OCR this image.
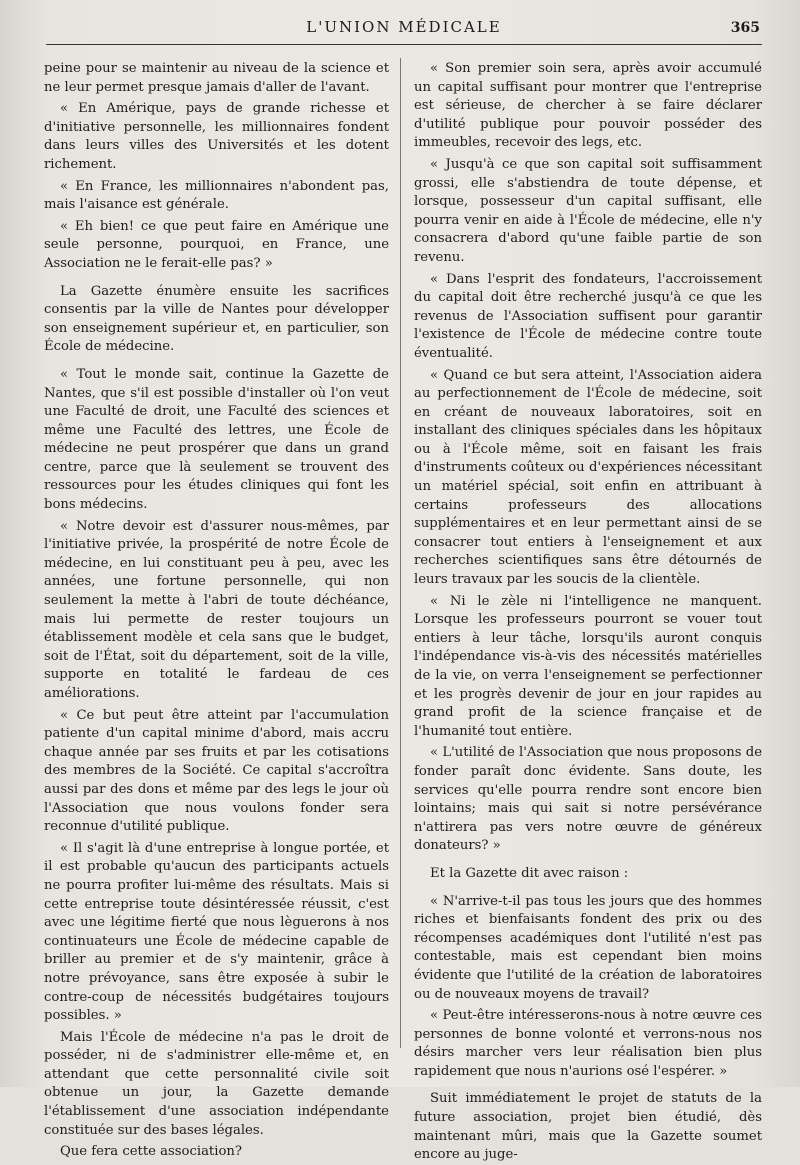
L'UNION MÉDICALE	365

peine pour se maintenir au niveau de la science et ne leur permet presque jamais d'aller de l'avant.

« En Amérique, pays de grande richesse et d'initiative personnelle, les millionnaires fondent dans leurs villes des Universités et les dotent richement.

« En France, les millionnaires n'abondent pas, mais l'aisance est générale.

« Eh bien! ce que peut faire en Amérique une seule personne, pourquoi, en France, une Association ne le ferait-elle pas? »

La Gazette énumère ensuite les sacrifices consentis par la ville de Nantes pour développer son enseignement supérieur et, en particulier, son École de médecine.

« Tout le monde sait, continue la Gazette de Nantes, que s'il est possible d'installer où l'on veut une Faculté de droit, une Faculté des sciences et même une Faculté des lettres, une École de médecine ne peut prospérer que dans un grand centre, parce que là seulement se trouvent des ressources pour les études cliniques qui font les bons médecins.

« Notre devoir est d'assurer nous-mêmes, par l'initiative privée, la prospérité de notre École de médecine, en lui constituant peu à peu, avec les années, une fortune personnelle, qui non seulement la mette à l'abri de toute déchéance, mais lui permette de rester toujours un établissement modèle et cela sans que le budget, soit de l'État, soit du département, soit de la ville, supporte en totalité le fardeau de ces améliorations.

« Ce but peut être atteint par l'accumulation patiente d'un capital minime d'abord, mais accru chaque année par ses fruits et par les cotisations des membres de la Société. Ce capital s'accroîtra aussi par des dons et même par des legs le jour où l'Association que nous voulons fonder sera reconnue d'utilité publique.

« Il s'agit là d'une entreprise à longue portée, et il est probable qu'aucun des participants actuels ne pourra profiter lui-même des résultats. Mais si cette entreprise toute désintéressée réussit, c'est avec une légitime fierté que nous lèguerons à nos continuateurs une École de médecine capable de briller au premier et de s'y maintenir, grâce à notre prévoyance, sans être exposée à subir le contre-coup de nécessités budgétaires toujours possibles. »

Mais l'École de médecine n'a pas le droit de posséder, ni de s'administrer elle-même et, en attendant que cette personnalité civile soit obtenue un jour, la Gazette demande l'établissement d'une association indépendante constituée sur des bases légales.

Que fera cette association?

« Son premier soin sera, après avoir accumulé un capital suffisant pour montrer que l'entreprise est sérieuse, de chercher à se faire déclarer d'utilité publique pour pouvoir posséder des immeubles, recevoir des legs, etc.

« Jusqu'à ce que son capital soit suffisamment grossi, elle s'abstiendra de toute dépense, et lorsque, possesseur d'un capital suffisant, elle pourra venir en aide à l'École de médecine, elle n'y consacrera d'abord qu'une faible partie de son revenu.

« Dans l'esprit des fondateurs, l'accroissement du capital doit être recherché jusqu'à ce que les revenus de l'Association suffisent pour garantir l'existence de l'École de médecine contre toute éventualité.

« Quand ce but sera atteint, l'Association aidera au perfectionnement de l'École de médecine, soit en créant de nouveaux laboratoires, soit en installant des cliniques spéciales dans les hôpitaux ou à l'École même, soit en faisant les frais d'instruments coûteux ou d'expériences nécessitant un matériel spécial, soit enfin en attribuant à certains professeurs des allocations supplémentaires et en leur permettant ainsi de se consacrer tout entiers à l'enseignement et aux recherches scientifiques sans être détournés de leurs travaux par les soucis de la clientèle.

« Ni le zèle ni l'intelligence ne manquent. Lorsque les professeurs pourront se vouer tout entiers à leur tâche, lorsqu'ils auront conquis l'indépendance vis-à-vis des nécessités matérielles de la vie, on verra l'enseignement se perfectionner et les progrès devenir de jour en jour rapides au grand profit de la science française et de l'humanité tout entière.

« L'utilité de l'Association que nous proposons de fonder paraît donc évidente. Sans doute, les services qu'elle pourra rendre sont encore bien lointains; mais qui sait si notre persévérance n'attirera pas vers notre œuvre de généreux donateurs? »

Et la Gazette dit avec raison :

« N'arrive-t-il pas tous les jours que des hommes riches et bienfaisants fondent des prix ou des récompenses académiques dont l'utilité n'est pas contestable, mais est cependant bien moins évidente que l'utilité de la création de laboratoires ou de nouveaux moyens de travail?

« Peut-être intéresserons-nous à notre œuvre ces personnes de bonne volonté et verrons-nous nos désirs marcher vers leur réalisation bien plus rapidement que nous n'aurions osé l'espérer. »

Suit immédiatement le projet de statuts de la future association, projet bien étudié, dès maintenant mûri, mais que la Gazette soumet encore au juge-
